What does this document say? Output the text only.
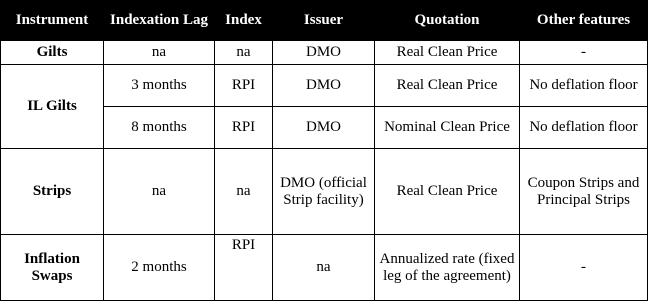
Instrument	Indexation Lag	Index	Issuer	Quotation	Other features
Gilts	na	na	DMO	Real Clean Price	-
IL Gilts	3 months	RPI	DMO	Real Clean Price	No deflation floor
	8 months	RPI	DMO	Nominal Clean Price	No deflation floor
Strips	na	na	DMO (official Strip facility)	Real Clean Price	Coupon Strips and Principal Strips
Inflation Swaps	2 months	RPI	na	Annualized rate (fixed leg of the agreement)	-
